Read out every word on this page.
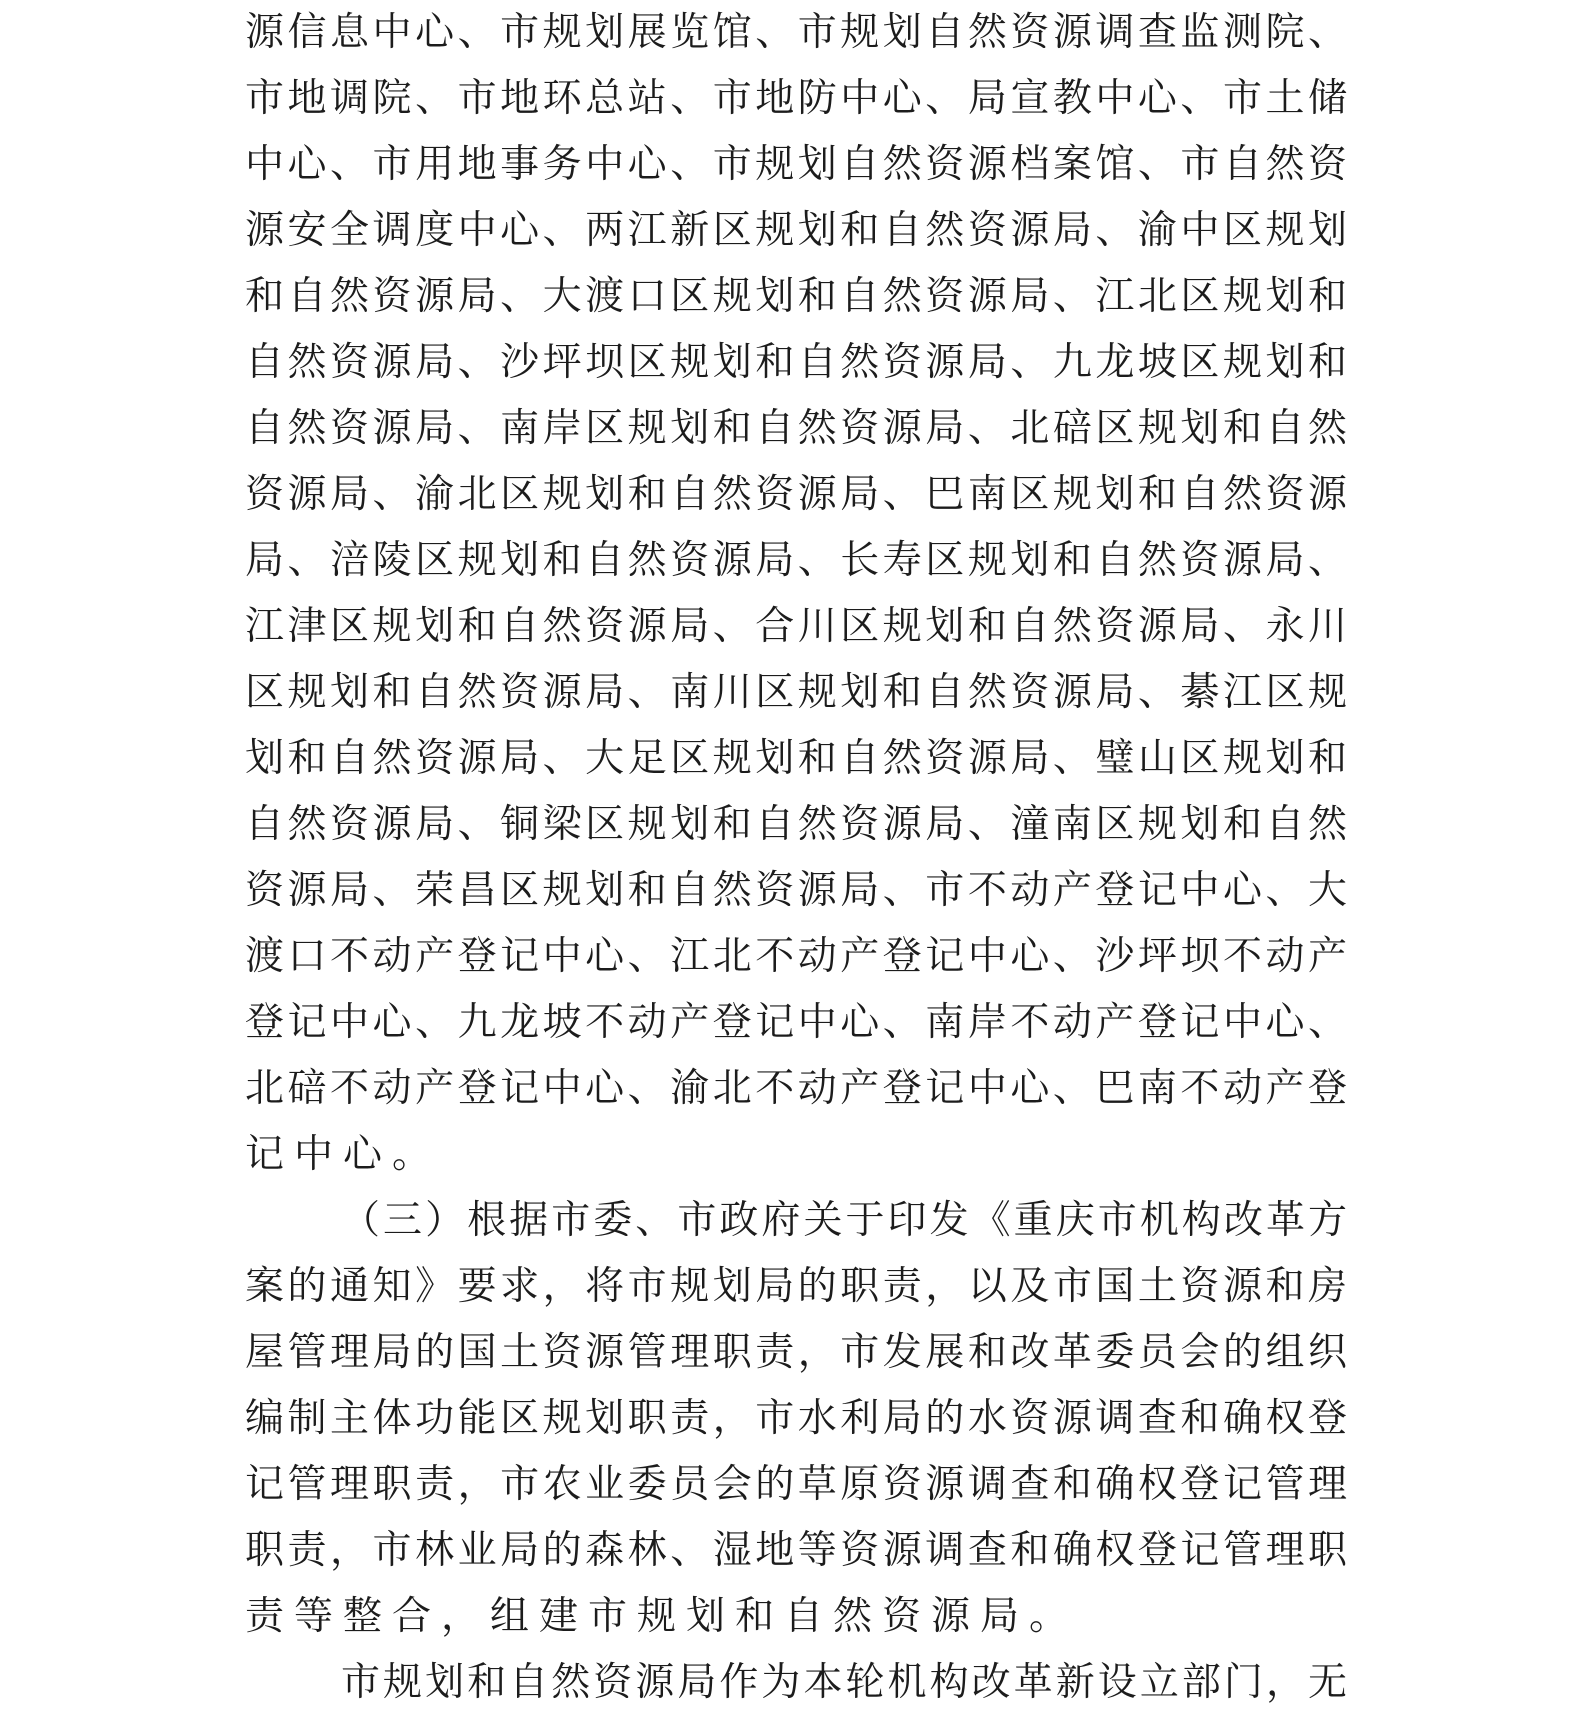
源信息中心、市规划展览馆、市规划自然资源调查监测院、
市地调院、市地环总站、市地防中心、局宣教中心、市土储
中心、市用地事务中心、市规划自然资源档案馆、市自然资
源安全调度中心、两江新区规划和自然资源局、渝中区规划
和自然资源局、大渡口区规划和自然资源局、江北区规划和
自然资源局、沙坪坝区规划和自然资源局、九龙坡区规划和
自然资源局、南岸区规划和自然资源局、北碚区规划和自然
资源局、渝北区规划和自然资源局、巴南区规划和自然资源
局、涪陵区规划和自然资源局、长寿区规划和自然资源局、
江津区规划和自然资源局、合川区规划和自然资源局、永川
区规划和自然资源局、南川区规划和自然资源局、綦江区规
划和自然资源局、大足区规划和自然资源局、璧山区规划和
自然资源局、铜梁区规划和自然资源局、潼南区规划和自然
资源局、荣昌区规划和自然资源局、市不动产登记中心、大
渡口不动产登记中心、江北不动产登记中心、沙坪坝不动产
登记中心、九龙坡不动产登记中心、南岸不动产登记中心、
北碚不动产登记中心、渝北不动产登记中心、巴南不动产登
记中心。
（三）根据市委、市政府关于印发《重庆市机构改革方
案的通知》要求，将市规划局的职责，以及市国土资源和房
屋管理局的国土资源管理职责，市发展和改革委员会的组织
编制主体功能区规划职责，市水利局的水资源调查和确权登
记管理职责，市农业委员会的草原资源调查和确权登记管理
职责，市林业局的森林、湿地等资源调查和确权登记管理职
责等整合，组建市规划和自然资源局。
市规划和自然资源局作为本轮机构改革新设立部门，无
